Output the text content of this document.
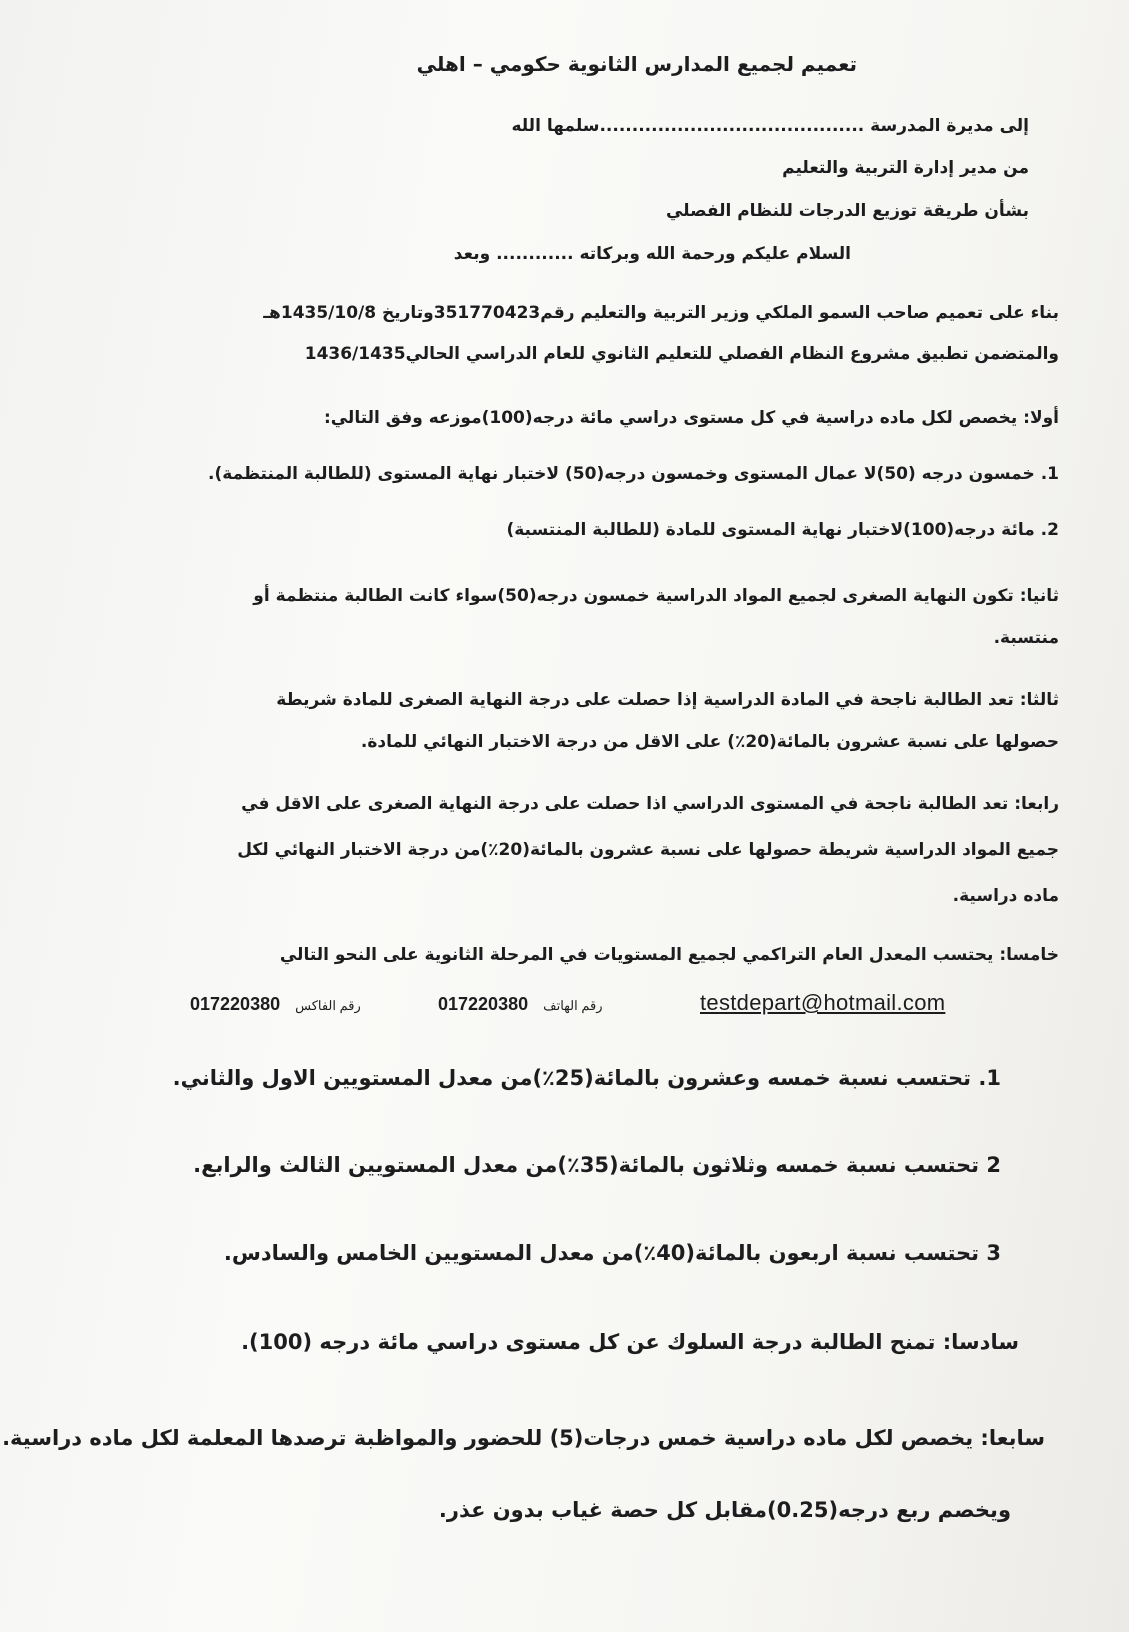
تعميم لجميع المدارس الثانوية حكومي – اهلي
إلى مديرة المدرسة .........................................سلمها الله
من مدير إدارة التربية والتعليم
بشأن طريقة توزيع الدرجات للنظام الفصلي
السلام عليكم ورحمة الله وبركاته ............ وبعد
بناء على تعميم صاحب السمو الملكي وزير التربية والتعليم رقم351770423وتاريخ 1435/10/8هـ
والمتضمن تطبيق مشروع النظام الفصلي للتعليم الثانوي للعام الدراسي الحالي1436/1435
أولا: يخصص لكل ماده دراسية في كل مستوى دراسي مائة درجه(100)موزعه وفق التالي:
1. خمسون درجه (50)لا عمال المستوى وخمسون درجه(50) لاختبار نهاية المستوى (للطالبة المنتظمة).
2. مائة درجه(100)لاختبار نهاية المستوى للمادة (للطالبة المنتسبة)
ثانيا: تكون النهاية الصغرى لجميع المواد الدراسية خمسون درجه(50)سواء كانت الطالبة منتظمة أو
منتسبة.
ثالثا: تعد الطالبة ناجحة في المادة الدراسية إذا حصلت على درجة النهاية الصغرى للمادة شريطة
حصولها على نسبة عشرون بالمائة(20٪) على الاقل من درجة الاختبار النهائي للمادة.
رابعا: تعد الطالبة ناجحة في المستوى الدراسي اذا حصلت على درجة النهاية الصغرى على الاقل في
جميع المواد الدراسية شريطة حصولها على نسبة عشرون بالمائة(20٪)من درجة الاختبار النهائي لكل
ماده دراسية.
خامسا: يحتسب المعدل العام التراكمي لجميع المستويات في المرحلة الثانوية على النحو التالي
testdepart@hotmail.com
017220380 رقم الهاتف
017220380 رقم الفاكس
1. تحتسب نسبة خمسه وعشرون بالمائة(25٪)من معدل المستويين الاول والثاني.
2 تحتسب نسبة خمسه وثلاثون بالمائة(35٪)من معدل المستويين الثالث والرابع.
3 تحتسب نسبة اربعون بالمائة(40٪)من معدل المستويين الخامس والسادس.
سادسا: تمنح الطالبة درجة السلوك عن كل مستوى دراسي مائة درجه (100).
سابعا: يخصص لكل ماده دراسية خمس درجات(5) للحضور والمواظبة ترصدها المعلمة لكل ماده دراسية.
ويخصم ربع درجه(0.25)مقابل كل حصة غياب بدون عذر.
